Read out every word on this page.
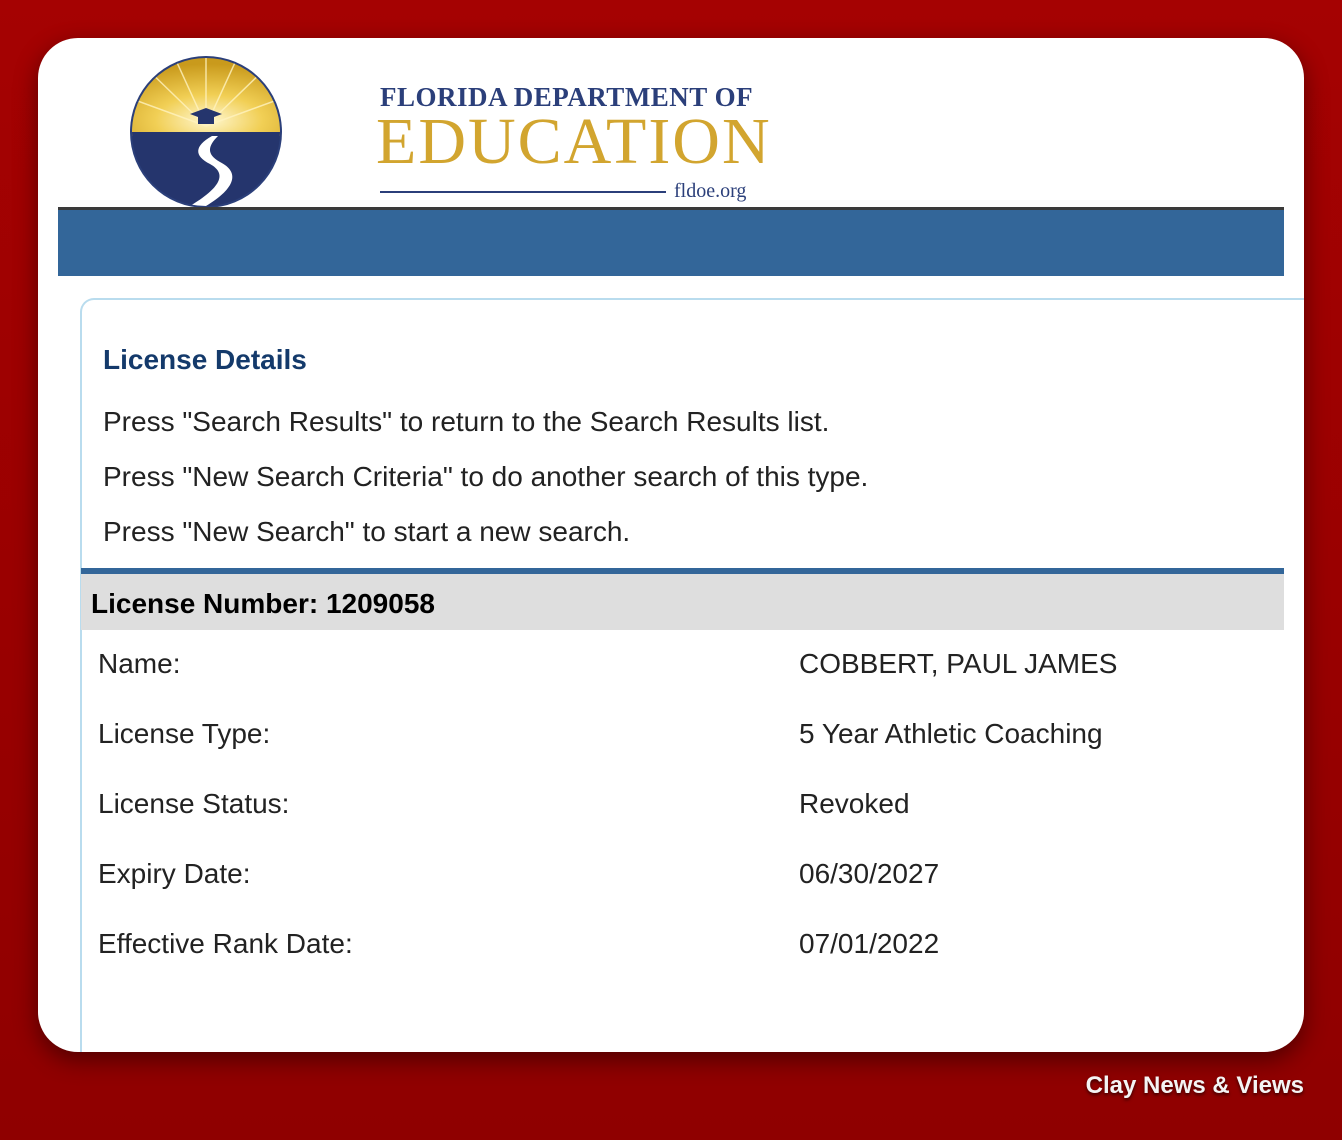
FLORIDA DEPARTMENT OF
EDUCATION
fldoe.org
License Details
Press "Search Results" to return to the Search Results list.
Press "New Search Criteria" to do another search of this type.
Press "New Search" to start a new search.
License Number: 1209058
Name:	COBBERT, PAUL JAMES
License Type:	5 Year Athletic Coaching
License Status:	Revoked
Expiry Date:	06/30/2027
Effective Rank Date:	07/01/2022
Clay News & Views
